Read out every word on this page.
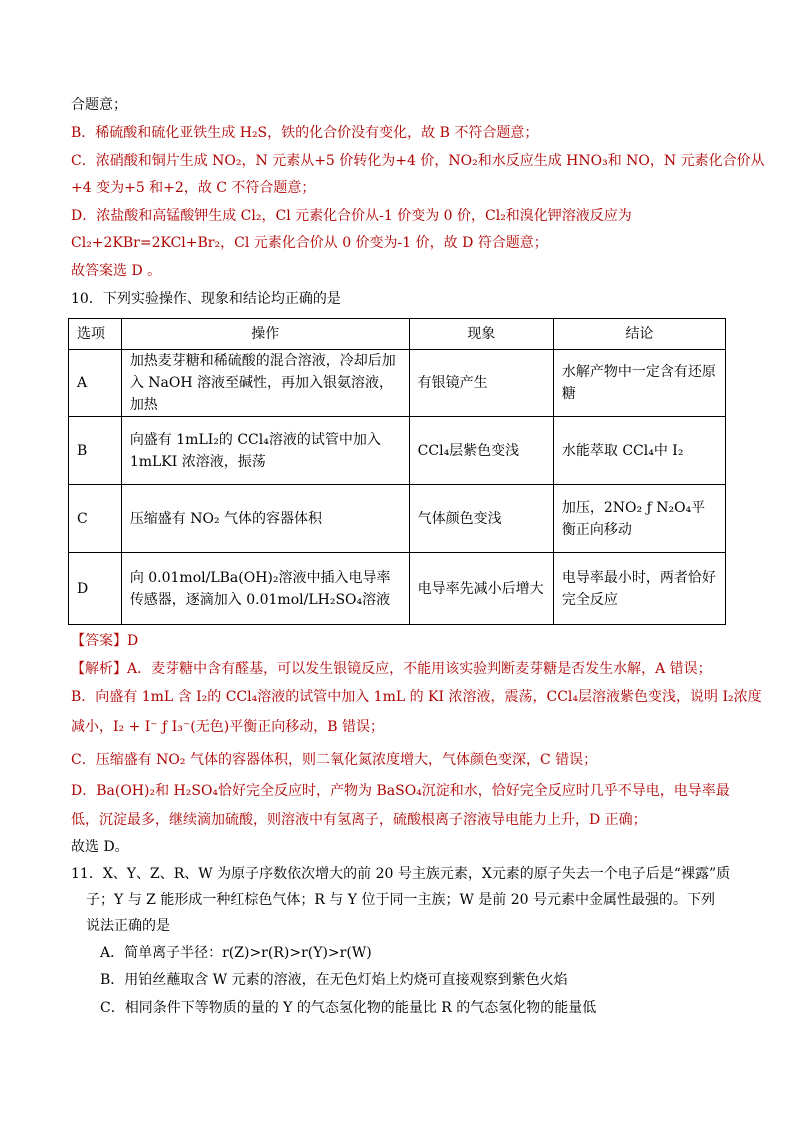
合题意；
B．稀硫酸和硫化亚铁生成 H₂S，铁的化合价没有变化，故 B 不符合题意；
C．浓硝酸和铜片生成 NO₂，N 元素从+5 价转化为+4 价，NO₂和水反应生成 HNO₃和 NO，N 元素化合价从
+4 变为+5 和+2，故 C 不符合题意；
D．浓盐酸和高锰酸钾生成 Cl₂，Cl 元素化合价从-1 价变为 0 价，Cl₂和溴化钾溶液反应为
Cl₂+2KBr=2KCl+Br₂，Cl 元素化合价从 0 价变为-1 价，故 D 符合题意；
故答案选 D 。
10．下列实验操作、现象和结论均正确的是
选项	操作	现象	结论
A	加热麦芽糖和稀硫酸的混合溶液，冷却后加入 NaOH 溶液至碱性，再加入银氨溶液，加热	有银镜产生	水解产物中一定含有还原糖
B	向盛有 1mLI₂的 CCl₄溶液的试管中加入 1mLKI 浓溶液，振荡	CCl₄层紫色变浅	水能萃取 CCl₄中 I₂
C	压缩盛有 NO₂ 气体的容器体积	气体颜色变浅	加压，2NO₂ ƒ N₂O₄平衡正向移动
D	向 0.01mol/LBa(OH)₂溶液中插入电导率传感器，逐滴加入 0.01mol/LH₂SO₄溶液	电导率先减小后增大	电导率最小时，两者恰好完全反应
【答案】D
【解析】A．麦芽糖中含有醛基，可以发生银镜反应，不能用该实验判断麦芽糖是否发生水解，A 错误；
B．向盛有 1mL 含 I₂的 CCl₄溶液的试管中加入 1mL 的 KI 浓溶液，震荡，CCl₄层溶液紫色变浅，说明 I₂浓度
减小，I₂ + I⁻ ƒ I₃⁻(无色)平衡正向移动，B 错误；
C．压缩盛有 NO₂ 气体的容器体积，则二氧化氮浓度增大，气体颜色变深，C 错误；
D．Ba(OH)₂和 H₂SO₄恰好完全反应时，产物为 BaSO₄沉淀和水，恰好完全反应时几乎不导电，电导率最
低，沉淀最多，继续滴加硫酸，则溶液中有氢离子，硫酸根离子溶液导电能力上升，D 正确；
故选 D。
11．X、Y、Z、R、W 为原子序数依次增大的前 20 号主族元素，X元素的原子失去一个电子后是“裸露”质
子；Y 与 Z 能形成一种红棕色气体；R 与 Y 位于同一主族；W 是前 20 号元素中金属性最强的。下列
说法正确的是
A．简单离子半径：r(Z)>r(R)>r(Y)>r(W)
B．用铂丝蘸取含 W 元素的溶液，在无色灯焰上灼烧可直接观察到紫色火焰
C．相同条件下等物质的量的 Y 的气态氢化物的能量比 R 的气态氢化物的能量低
